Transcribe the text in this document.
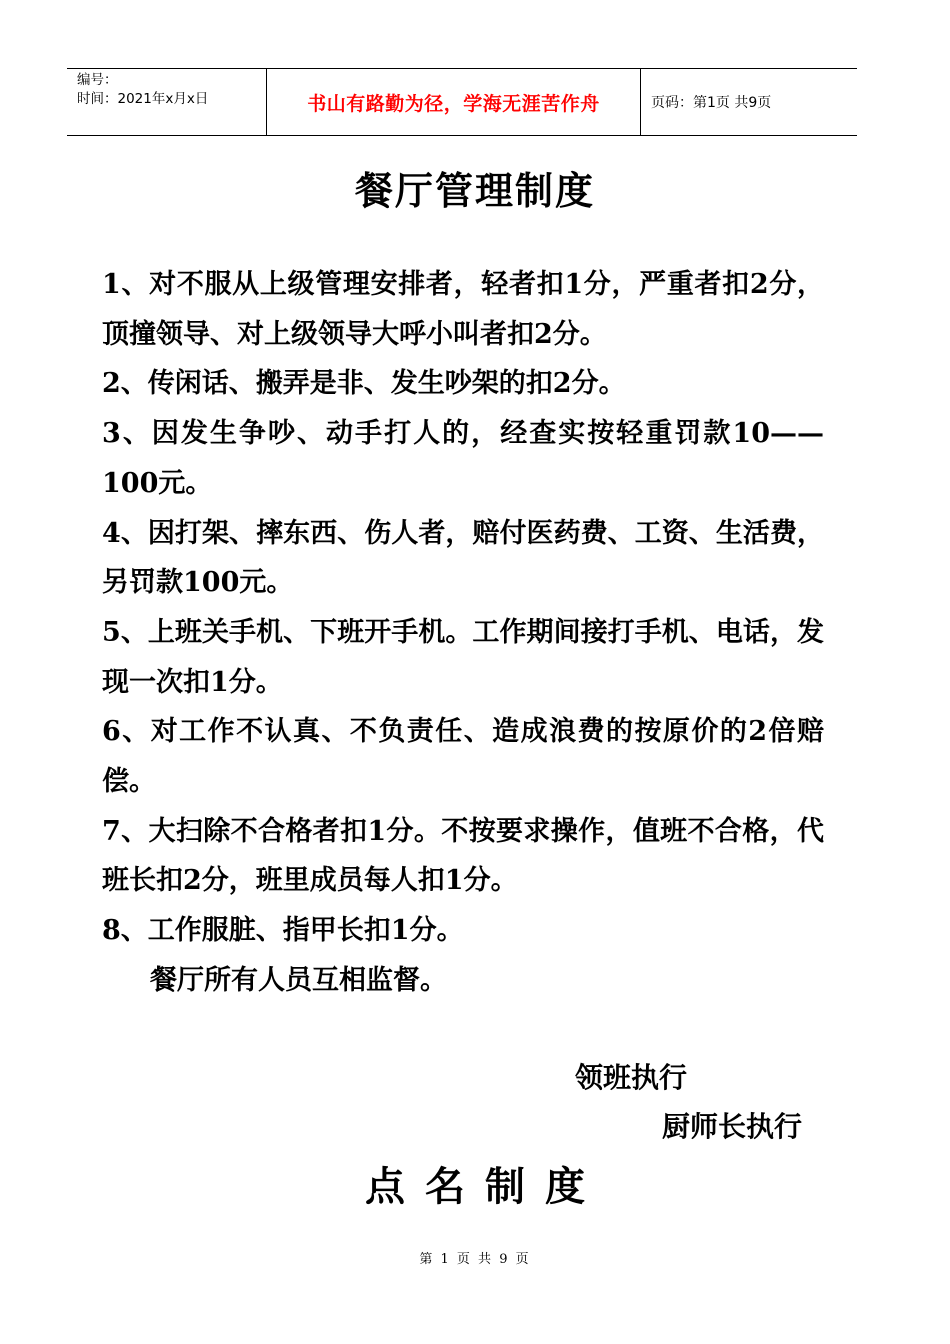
编号：
时间：2021年x月x日	书山有路勤为径，学海无涯苦作舟	页码：第1页 共9页
餐厅管理制度

1、对不服从上级管理安排者，轻者扣1分，严重者扣2分，顶撞领导、对上级领导大呼小叫者扣2分。

2、传闲话、搬弄是非、发生吵架的扣2分。

3、因发生争吵、动手打人的，经查实按轻重罚款10——100元。

4、因打架、摔东西、伤人者，赔付医药费、工资、生活费，另罚款100元。

5、上班关手机、下班开手机。工作期间接打手机、电话，发现一次扣1分。

6、对工作不认真、不负责任、造成浪费的按原价的2倍赔偿。

7、大扫除不合格者扣1分。不按要求操作，值班不合格，代班长扣2分，班里成员每人扣1分。

8、工作服脏、指甲长扣1分。

餐厅所有人员互相监督。

领班执行
厨师长执行
点名制度
第 1 页 共 9 页
